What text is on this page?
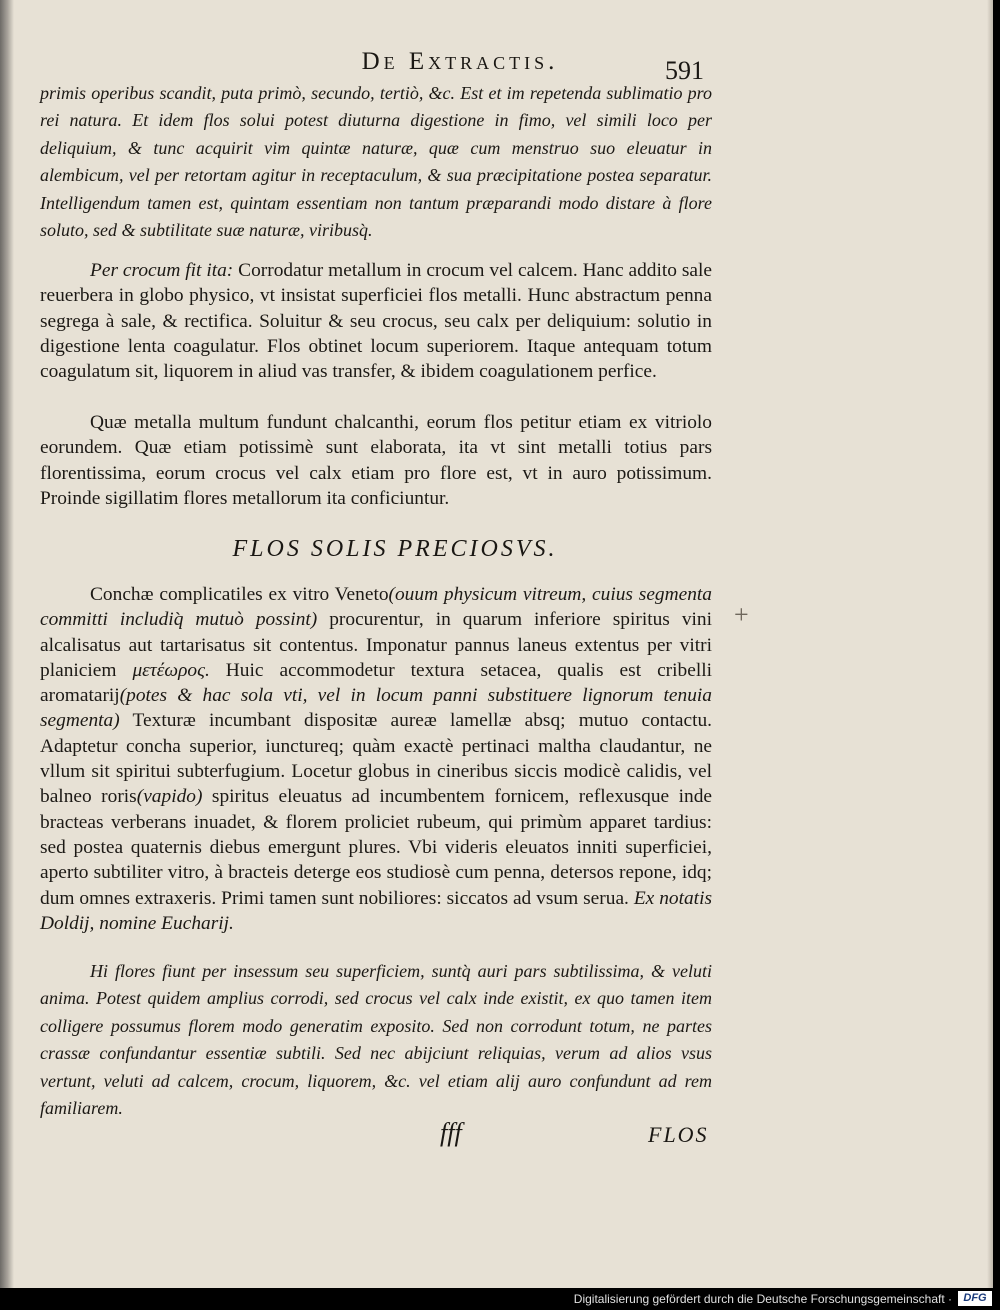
De Extractis.	591

primis operibus scandit, puta primò, secundo, tertiò, &c. Est et im repetenda sublimatio pro rei natura. Et idem flos solui potest diuturna digestione in fimo, vel simili loco per deliquium, & tunc acquirit vim quintæ naturæ, quæ cum menstruo suo eleuatur in alembicum, vel per retortam agitur in receptaculum, & sua præcipitatione postea separatur. Intelligendum tamen est, quintam essentiam non tantum præparandi modo distare à flore soluto, sed & subtilitate suæ naturæ, viribusq̀.

Per crocum fit ita: Corrodatur metallum in crocum vel calcem. Hanc addito sale reuerbera in globo physico, vt insistat superficiei flos metalli. Hunc abstractum penna segrega à sale, & rectifica. Soluitur & seu crocus, seu calx per deliquium: solutio in digestione lenta coagulatur. Flos obtinet locum superiorem. Itaque antequam totum coagulatum sit, liquorem in aliud vas transfer, & ibidem coagulationem perfice.

Quæ metalla multum fundunt chalcanthi, eorum flos petitur etiam ex vitriolo eorundem. Quæ etiam potissimè sunt elaborata, ita vt sint metalli totius pars florentissima, eorum crocus vel calx etiam pro flore est, vt in auro potissimum. Proinde sigillatim flores metallorum ita conficiuntur.

FLOS SOLIS PRECIOSVS.

Conchæ complicatiles ex vitro Veneto(ouum physicum vitreum, cuius segmenta committi includiq̀ mutuò possint) procurentur, in quarum inferiore spiritus vini alcalisatus aut tartarisatus sit contentus. Imponatur pannus laneus extentus per vitri planiciem μετέωρος. Huic accommodetur textura setacea, qualis est cribelli aromatarij(potes & hac sola vti, vel in locum panni substituere lignorum tenuia segmenta) Texturæ incumbant dispositæ aureæ lamellæ absq; mutuo contactu. Adaptetur concha superior, iunctureq; quàm exactè pertinaci maltha claudantur, ne vllum sit spiritui subterfugium. Locetur globus in cineribus siccis modicè calidis, vel balneo roris(vapido) spiritus eleuatus ad incumbentem fornicem, reflexusque inde bracteas verberans inuadet, & florem proliciet rubeum, qui primùm apparet tardius: sed postea quaternis diebus emergunt plures. Vbi videris eleuatos inniti superficiei, aperto subtiliter vitro, à bracteis deterge eos studiosè cum penna, detersos repone, idq; dum omnes extraxeris. Primi tamen sunt nobiliores: siccatos ad vsum serua. Ex notatis Doldij, nomine Eucharij.

Hi flores fiunt per insessum seu superficiem, suntq̀ auri pars subtilissima, & veluti anima. Potest quidem amplius corrodi, sed crocus vel calx inde existit, ex quo tamen item colligere possumus florem modo generatim exposito. Sed non corrodunt totum, ne partes crassæ confundantur essentiæ subtili. Sed nec abijciunt reliquias, verum ad alios vsus vertunt, veluti ad calcem, crocum, liquorem, &c. vel etiam alij auro confundunt ad rem familiarem.

fff	FLOS
+
Digitalisierung gefördert durch die Deutsche Forschungsgemeinschaft ·	DFG
